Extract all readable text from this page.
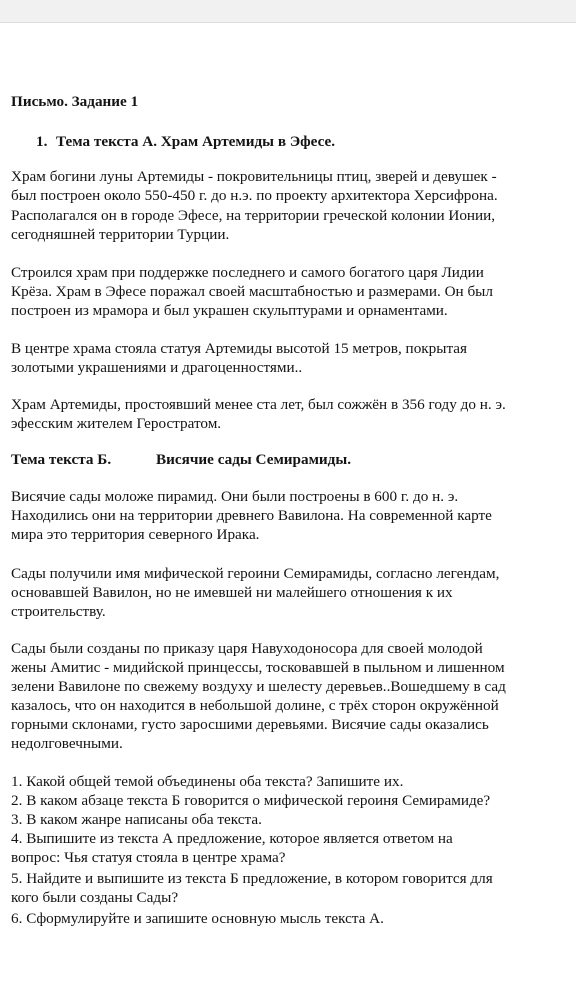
Письмо. Задание 1
1. Тема текста А. Храм Артемиды в Эфесе.
Храм богини луны Артемиды - покровительницы птиц, зверей и девушек -
был построен около 550-450 г. до н.э. по проекту архитектора Херсифрона.
Располагался он в городе Эфесе, на территории греческой колонии Ионии,
сегодняшней территории Турции.
Строился храм при поддержке последнего и самого богатого царя Лидии
Крёза. Храм в Эфесе поражал своей масштабностью и размерами. Он был
построен из мрамора и был украшен скульптурами и орнаментами.
В центре храма стояла статуя Артемиды высотой 15 метров, покрытая
золотыми украшениями и драгоценностями..
Храм Артемиды, простоявший менее ста лет, был сожжён в 356 году до н. э.
эфесским жителем Геростратом.
Тема текста Б.	Висячие сады Семирамиды.
Висячие сады моложе пирамид. Они были построены в 600 г. до н. э.
Находились они на территории древнего Вавилона. На современной карте
мира это территория северного Ирака.
Сады получили имя мифической героини Семирамиды, согласно легендам,
основавшей Вавилон, но не имевшей ни малейшего отношения к их
строительству.
Сады были созданы по приказу царя Навуходоносора для своей молодой
жены Амитис - мидийской принцессы, тосковавшей в пыльном и лишенном
зелени Вавилоне по свежему воздуху и шелесту деревьев..Вошедшему в сад
казалось, что он находится в небольшой долине, с трёх сторон окружённой
горными склонами, густо заросшими деревьями. Висячие сады оказались
недолговечными.
1. Какой общей темой объединены оба текста? Запишите их.
2. В каком абзаце текста Б говорится о мифической героиня Семирамиде?
3. В каком жанре написаны оба текста.
4. Выпишите из текста А предложение, которое является ответом на
вопрос: Чья статуя стояла в центре храма?
5. Найдите и выпишите из текста Б предложение, в котором говорится для
кого были созданы Сады?
6. Сформулируйте и запишите основную мысль текста А.
